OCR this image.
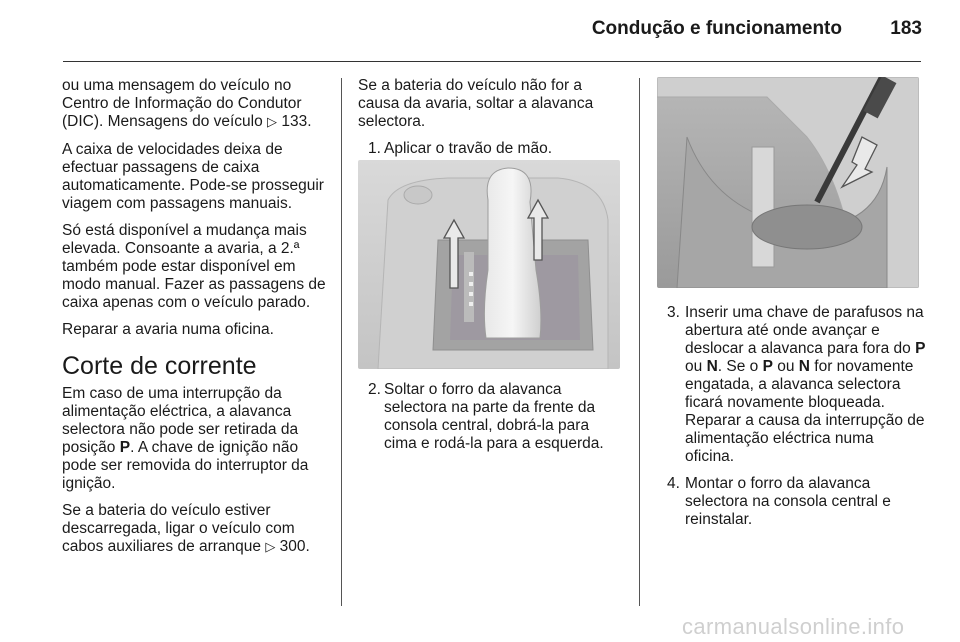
Condução e funcionamento	183

ou uma mensagem do veículo no Centro de Informação do Condutor (DIC). Mensagens do veículo ▷ 133.

A caixa de velocidades deixa de efectuar passagens de caixa automaticamente. Pode-se prosseguir viagem com passagens manuais.

Só está disponível a mudança mais elevada. Consoante a avaria, a 2.ª também pode estar disponível em modo manual. Fazer as passagens de caixa apenas com o veículo parado.

Reparar a avaria numa oficina.

Corte de corrente

Em caso de uma interrupção da alimentação eléctrica, a alavanca selectora não pode ser retirada da posição P. A chave de ignição não pode ser removida do interruptor da ignição.

Se a bateria do veículo estiver descarregada, ligar o veículo com cabos auxiliares de arranque ▷ 300.

Se a bateria do veículo não for a causa da avaria, soltar a alavanca selectora.

1. Aplicar o travão de mão.
2. Soltar o forro da alavanca selectora na parte da frente da consola central, dobrá-la para cima e rodá-la para a esquerda.
3. Inserir uma chave de parafusos na abertura até onde avançar e deslocar a alavanca para fora do P ou N. Se o P ou N for novamente engatada, a alavanca selectora ficará novamente bloqueada. Reparar a causa da interrupção de alimentação eléctrica numa oficina.
4. Montar o forro da alavanca selectora na consola central e reinstalar.
carmanualsonline.info
